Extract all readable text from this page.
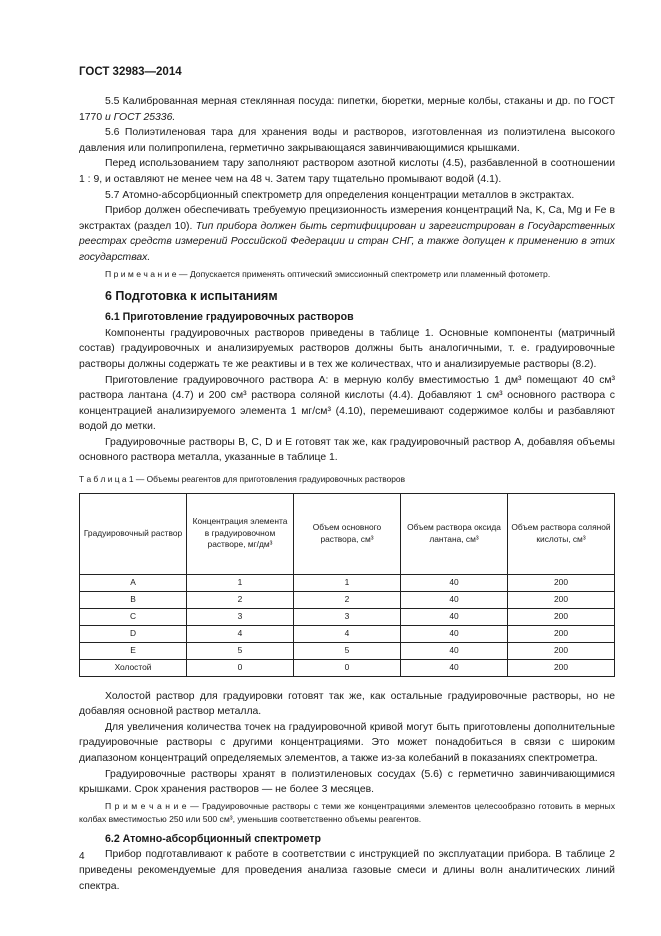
ГОСТ 32983—2014

5.5 Калиброванная мерная стеклянная посуда: пипетки, бюретки, мерные колбы, стаканы и др. по ГОСТ 1770 и ГОСТ 25336.

5.6 Полиэтиленовая тара для хранения воды и растворов, изготовленная из полиэтилена высокого давления или полипропилена, герметично закрывающаяся завинчивающимися крышками.

Перед использованием тару заполняют раствором азотной кислоты (4.5), разбавленной в соотношении 1 : 9, и оставляют не менее чем на 48 ч. Затем тару тщательно промывают водой (4.1).

5.7 Атомно-абсорбционный спектрометр для определения концентрации металлов в экстрактах.

Прибор должен обеспечивать требуемую прецизионность измерения концентраций Na, K, Ca, Mg и Fe в экстрактах (раздел 10). Тип прибора должен быть сертифицирован и зарегистрирован в Государственных реестрах средств измерений Российской Федерации и стран СНГ, а также допущен к применению в этих государствах.

П р и м е ч а н и е — Допускается применять оптический эмиссионный спектрометр или пламенный фотометр.

6 Подготовка к испытаниям
6.1 Приготовление градуировочных растворов

Компоненты градуировочных растворов приведены в таблице 1. Основные компоненты (матричный состав) градуировочных и анализируемых растворов должны быть аналогичными, т. е. градуировочные растворы должны содержать те же реактивы и в тех же количествах, что и анализируемые растворы (8.2).

Приготовление градуировочного раствора А: в мерную колбу вместимостью 1 дм³ помещают 40 см³ раствора лантана (4.7) и 200 см³ раствора соляной кислоты (4.4). Добавляют 1 см³ основного раствора с концентрацией анализируемого элемента 1 мг/см³ (4.10), перемешивают содержимое колбы и разбавляют водой до метки.

Градуировочные растворы В, С, D и Е готовят так же, как градуировочный раствор А, добавляя объемы основного раствора металла, указанные в таблице 1.

Т а б л и ц а 1 — Объемы реагентов для приготовления градуировочных растворов
Градуировочный раствор	Концентрация элемента в градуировочном растворе, мг/дм³	Объем основного раствора, см³	Объем раствора оксида лантана, см³	Объем раствора соляной кислоты, см³
А	1	1	40	200
В	2	2	40	200
С	3	3	40	200
D	4	4	40	200
Е	5	5	40	200
Холостой	0	0	40	200

Холостой раствор для градуировки готовят так же, как остальные градуировочные растворы, но не добавляя основной раствор металла.

Для увеличения количества точек на градуировочной кривой могут быть приготовлены дополнительные градуировочные растворы с другими концентрациями. Это может понадобиться в связи с широким диапазоном концентраций определяемых элементов, а также из-за колебаний в показаниях спектрометра.

Градуировочные растворы хранят в полиэтиленовых сосудах (5.6) с герметично завинчивающимися крышками. Срок хранения растворов — не более 3 месяцев.

П р и м е ч а н и е — Градуировочные растворы с теми же концентрациями элементов целесообразно готовить в мерных колбах вместимостью 250 или 500 см³, уменьшив соответственно объемы реагентов.

6.2 Атомно-абсорбционный спектрометр

Прибор подготавливают к работе в соответствии с инструкцией по эксплуатации прибора. В таблице 2 приведены рекомендуемые для проведения анализа газовые смеси и длины волн аналитических линий спектра.

4
